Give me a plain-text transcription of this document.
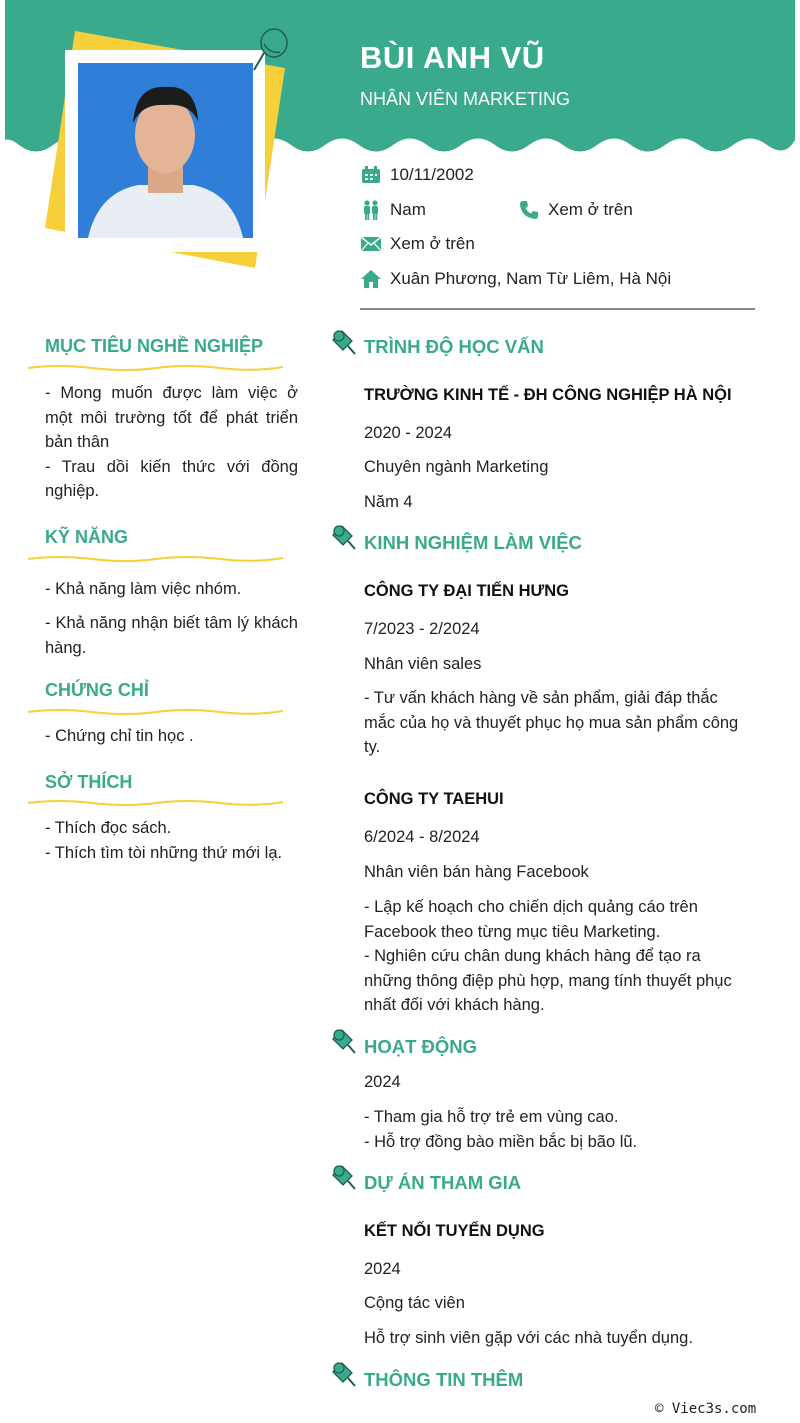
BÙI ANH VŨ
NHÂN VIÊN MARKETING
10/11/2002
Nam	Xem ở trên
Xem ở trên
Xuân Phương, Nam Từ Liêm, Hà Nội
MỤC TIÊU NGHỀ NGHIỆP
- Mong muốn được làm việc ở một môi trường tốt để phát triển bản thân
- Trau dồi kiến thức với đồng nghiệp.
KỸ NĂNG
- Khả năng làm việc nhóm.
- Khả năng nhận biết tâm lý khách hàng.
CHỨNG CHỈ
- Chứng chỉ tin học .
SỞ THÍCH
- Thích đọc sách.
- Thích tìm tòi những thứ mới lạ.
TRÌNH ĐỘ HỌC VẤN
TRƯỜNG KINH TẾ - ĐH CÔNG NGHIỆP HÀ NỘI
2020 - 2024
Chuyên ngành Marketing
Năm 4
KINH NGHIỆM LÀM VIỆC
CÔNG TY ĐẠI TIẾN HƯNG
7/2023 - 2/2024
Nhân viên sales
- Tư vấn khách hàng về sản phẩm, giải đáp thắc mắc của họ và thuyết phục họ mua sản phẩm công ty.
CÔNG TY TAEHUI
6/2024 - 8/2024
Nhân viên bán hàng Facebook
- Lập kế hoạch cho chiến dịch quảng cáo trên Facebook theo từng mục tiêu Marketing.
- Nghiên cứu chân dung khách hàng để tạo ra những thông điệp phù hợp, mang tính thuyết phục nhất đối với khách hàng.
HOẠT ĐỘNG
2024
- Tham gia hỗ trợ trẻ em vùng cao.
- Hỗ trợ đồng bào miền bắc bị bão lũ.
DỰ ÁN THAM GIA
KẾT NỐI TUYỂN DỤNG
2024
Cộng tác viên
Hỗ trợ sinh viên gặp với các nhà tuyển dụng.
THÔNG TIN THÊM
© Viec3s.com
